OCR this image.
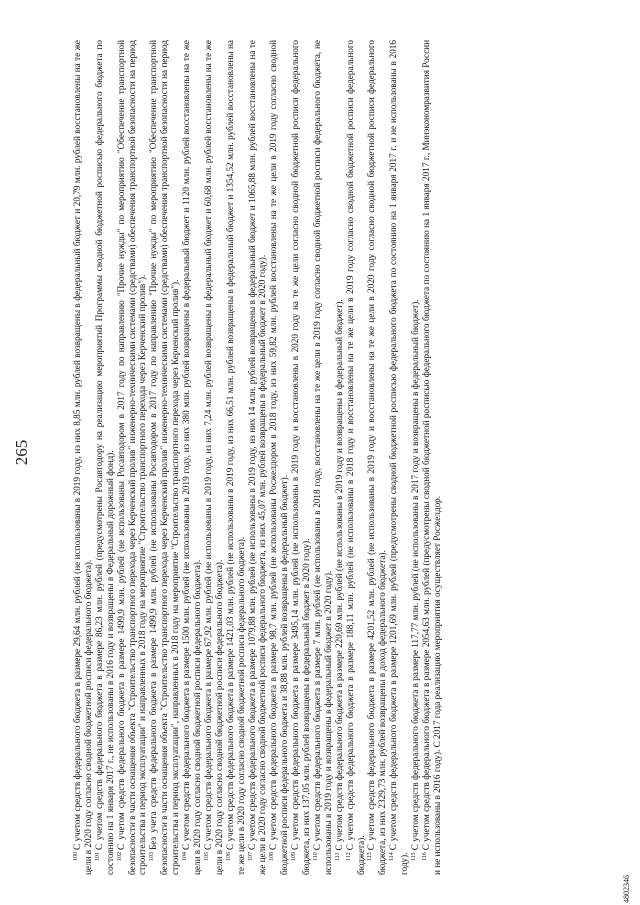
265

$^{100}$С учетом средств федерального бюджета в размере 29,64 млн. рублей (не использованы в 2019 году, из них 8,85 млн. рублей возвращены в федеральный бюджет и 20,79 млн. рублей восстановлены на те же цели в 2020 году согласно сводной бюджетной росписи федерального бюджета). $^{101}$С учетом средств федерального бюджета в размере 86,23 млн. рублей (предусмотрены Росавтодору на реализацию мероприятий Программы сводной бюджетной росписью федерального бюджета по состоянию на 1 января 2017 г., не использованы в 2016 году и возвращены в Федеральный дорожный фонд). $^{102}$С учетом средств федерального бюджета в размере 1499,9 млн. рублей (не использованы Росавтодором в 2017 году по направлению "Прочие нужды" по мероприятию "Обеспечение транспортной безопасности в части оснащения объекта "Строительство транспортного перехода через Керченский пролив" инженерно-техническими системами (средствами) обеспечения транспортной безопасности на период строительства и период эксплуатации" и направленных в 2018 году на мероприятие "Строительство транспортного перехода через Керченский пролив"). $^{103}$Без учета средств федерального бюджета в размере 1499,9 млн. рублей (не использованы Росавтодором в 2017 году по направлению "Прочие нужды" по мероприятию "Обеспечение транспортной безопасности в части оснащения объекта "Строительство транспортного перехода через Керченский пролив" инженерно-техническими системами (средствами) обеспечения транспортной безопасности на период строительства и период эксплуатации", направленных в 2018 году на мероприятие "Строительство транспортного перехода через Керченский пролив"). $^{104}$С учетом средств федерального бюджета в размере 1500 млн. рублей (не использованы в 2019 году, из них 380 млн. рублей возвращены в федеральный бюджет и 1120 млн. рублей восстановлены на те же цели в 2020 году согласно сводной бюджетной росписи федерального бюджета). $^{105}$С учетом средств федерального бюджета в размере 67,92 млн. рублей (не использованы в 2019 году, из них 7,24 млн. рублей возвращены в федеральный бюджет и 60,68 млн. рублей восстановлены на те же цели в 2020 году согласно сводной бюджетной росписи федерального бюджета). $^{106}$С учетом средств федерального бюджета в размере 1421,03 млн. рублей (не использованы в 2019 году, из них 66,51 млн. рублей возвращены в федеральный бюджет и 1354,52 млн. рублей восстановлены на те же цели в 2020 году согласно сводной бюджетной росписи федерального бюджета). $^{107}$С учетом средств федерального бюджета в размере 1079,88 млн. рублей (не использованы в 2019 году, из них 14 млн. рублей возвращены в федеральный бюджет и 1065,88 млн. рублей восстановлены на те же цели в 2020 году согласно сводной бюджетной росписи федерального бюджета, из них 45,07 млн. рублей возвращены в федеральный бюджет в 2020 году). $^{108}$С учетом средств федерального бюджета в размере 98,7 млн. рублей (не использованы Росжелдором в 2018 году, из них 59,82 млн. рублей восстановлены на те же цели в 2019 году согласно сводной бюджетной росписи федерального бюджета и 38,88 млн. рублей возвращены в федеральный бюджет). $^{109}$С учетом средств федерального бюджета в размере 3495,14 млн. рублей (не использованы в 2019 году и восстановлены в 2020 году на те же цели согласно сводной бюджетной росписи федерального бюджета, из них 137,05 млн. рублей возвращены в федеральный бюджет в 2020 году). $^{110}$С учетом средств федерального бюджета в размере 7 млн. рублей (не использованы в 2018 году, восстановлены на те же цели в 2019 году согласно сводной бюджетной росписи федерального бюджета, не использованы в 2019 году и возвращены в федеральный бюджет в 2020 году). $^{111}$С учетом средств федерального бюджета в размере 220,69 млн. рублей (не использованы в 2019 году и возвращены в федеральный бюджет).

$^{112}$С учетом средств федерального бюджета в размере 188,11 млн. рублей (не использованы в 2018 году и восстановлены на те же цели в 2019 году согласно сводной бюджетной росписи федерального бюджета). $^{113}$С учетом средств федерального бюджета в размере 4201,52 млн. рублей (не использованы в 2019 году и восстановлены на те же цели в 2020 году согласно сводной бюджетной росписи федерального бюджета, из них 2329,73 млн. рублей возвращены в доход федерального бюджета). $^{114}$С учетом средств федерального бюджета в размере 1201,69 млн. рублей (предусмотрены сводной бюджетной росписью федерального бюджета по состоянию на 1 января 2017 г. и не использованы в 2016 году). $^{115}$С учетом средств федерального бюджета в размере 117,77 млн. рублей (не использованы в 2017 году и возвращены в федеральный бюджет).

$^{116}$С учетом средств федерального бюджета в размере 2054,63 млн. рублей (предусмотрены сводной бюджетной росписью федерального бюджета по состоянию на 1 января 2017 г., Минэкономразвития России и не использованы в 2016 году). С 2017 года реализацию мероприятия осуществляет Росжелдор.

4802346
